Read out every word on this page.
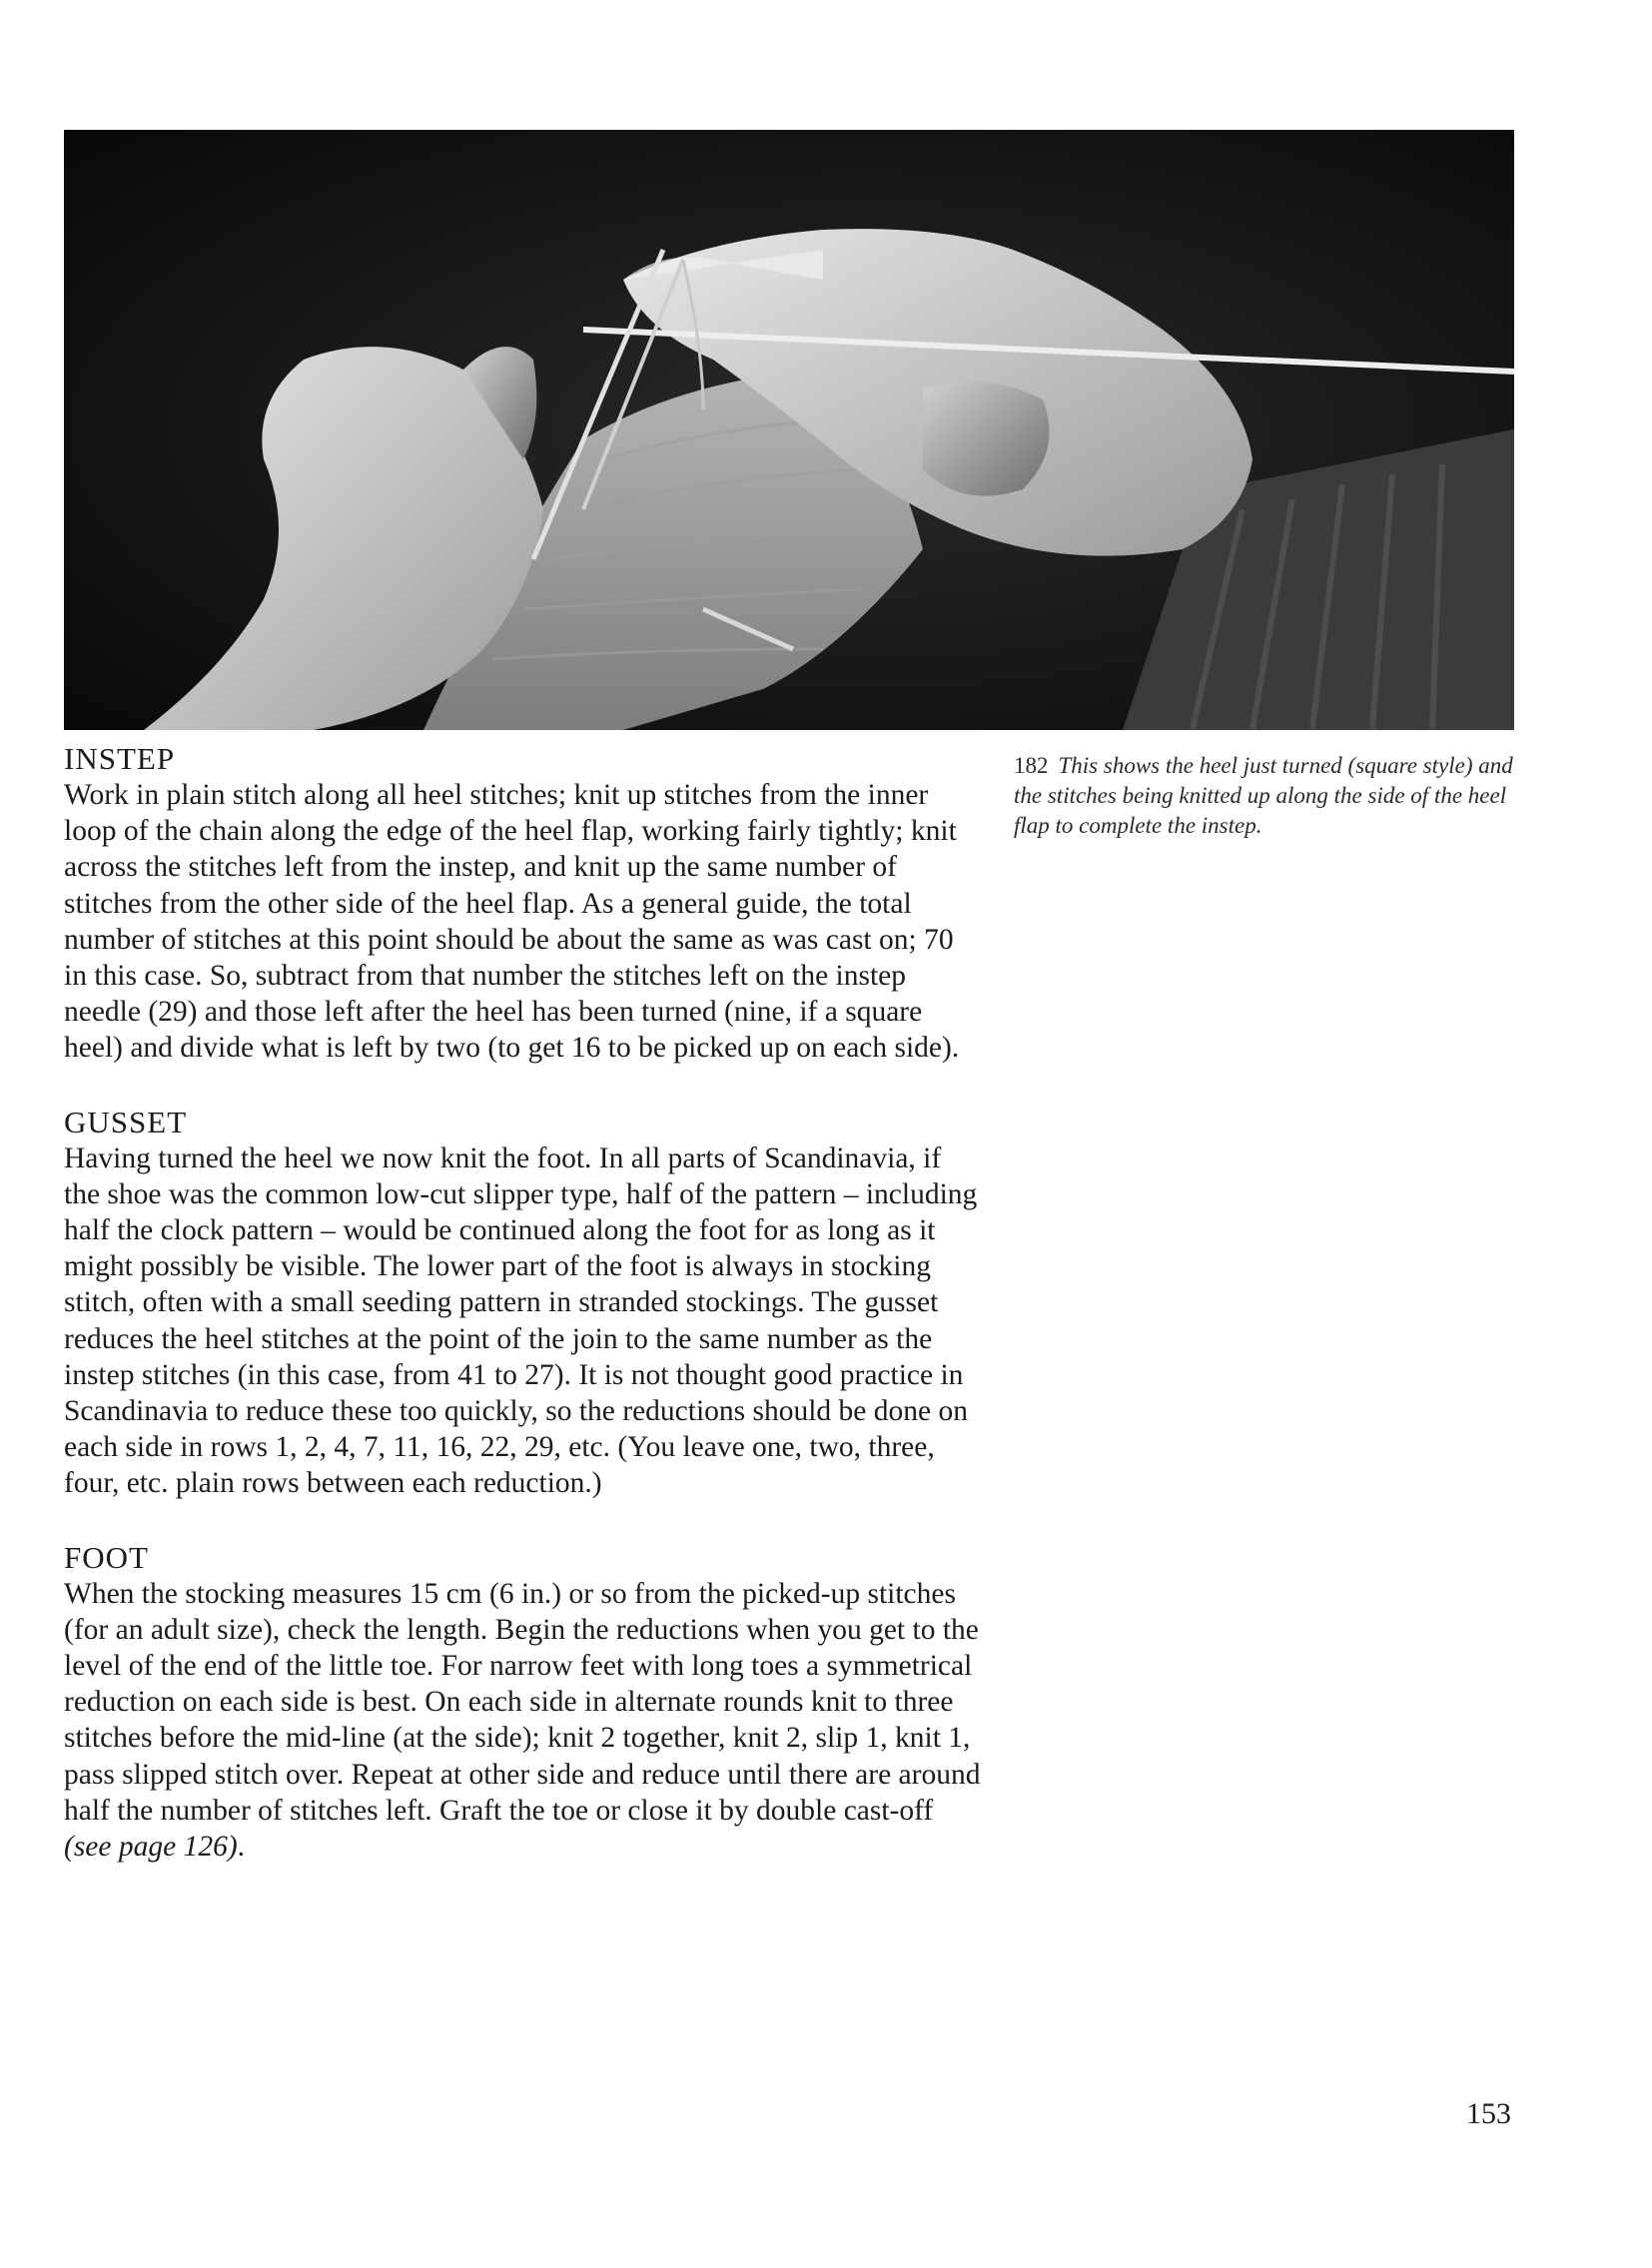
182 This shows the heel just turned (square style) and the stitches being knitted up along the side of the heel flap to complete the instep.
INSTEP

Work in plain stitch along all heel stitches; knit up stitches from the inner loop of the chain along the edge of the heel flap, working fairly tightly; knit across the stitches left from the instep, and knit up the same number of stitches from the other side of the heel flap. As a general guide, the total number of stitches at this point should be about the same as was cast on; 70 in this case. So, subtract from that number the stitches left on the instep needle (29) and those left after the heel has been turned (nine, if a square heel) and divide what is left by two (to get 16 to be picked up on each side).

GUSSET

Having turned the heel we now knit the foot. In all parts of Scandinavia, if the shoe was the common low-cut slipper type, half of the pattern – including half the clock pattern – would be continued along the foot for as long as it might possibly be visible. The lower part of the foot is always in stocking stitch, often with a small seeding pattern in stranded stockings. The gusset reduces the heel stitches at the point of the join to the same number as the instep stitches (in this case, from 41 to 27). It is not thought good practice in Scandinavia to reduce these too quickly, so the reductions should be done on each side in rows 1, 2, 4, 7, 11, 16, 22, 29, etc. (You leave one, two, three, four, etc. plain rows between each reduction.)

FOOT

When the stocking measures 15 cm (6 in.) or so from the picked-up stitches (for an adult size), check the length. Begin the reductions when you get to the level of the end of the little toe. For narrow feet with long toes a symmetrical reduction on each side is best. On each side in alternate rounds knit to three stitches before the mid-line (at the side); knit 2 together, knit 2, slip 1, knit 1, pass slipped stitch over. Repeat at other side and reduce until there are around half the number of stitches left. Graft the toe or close it by double cast-off (see page 126).

153
